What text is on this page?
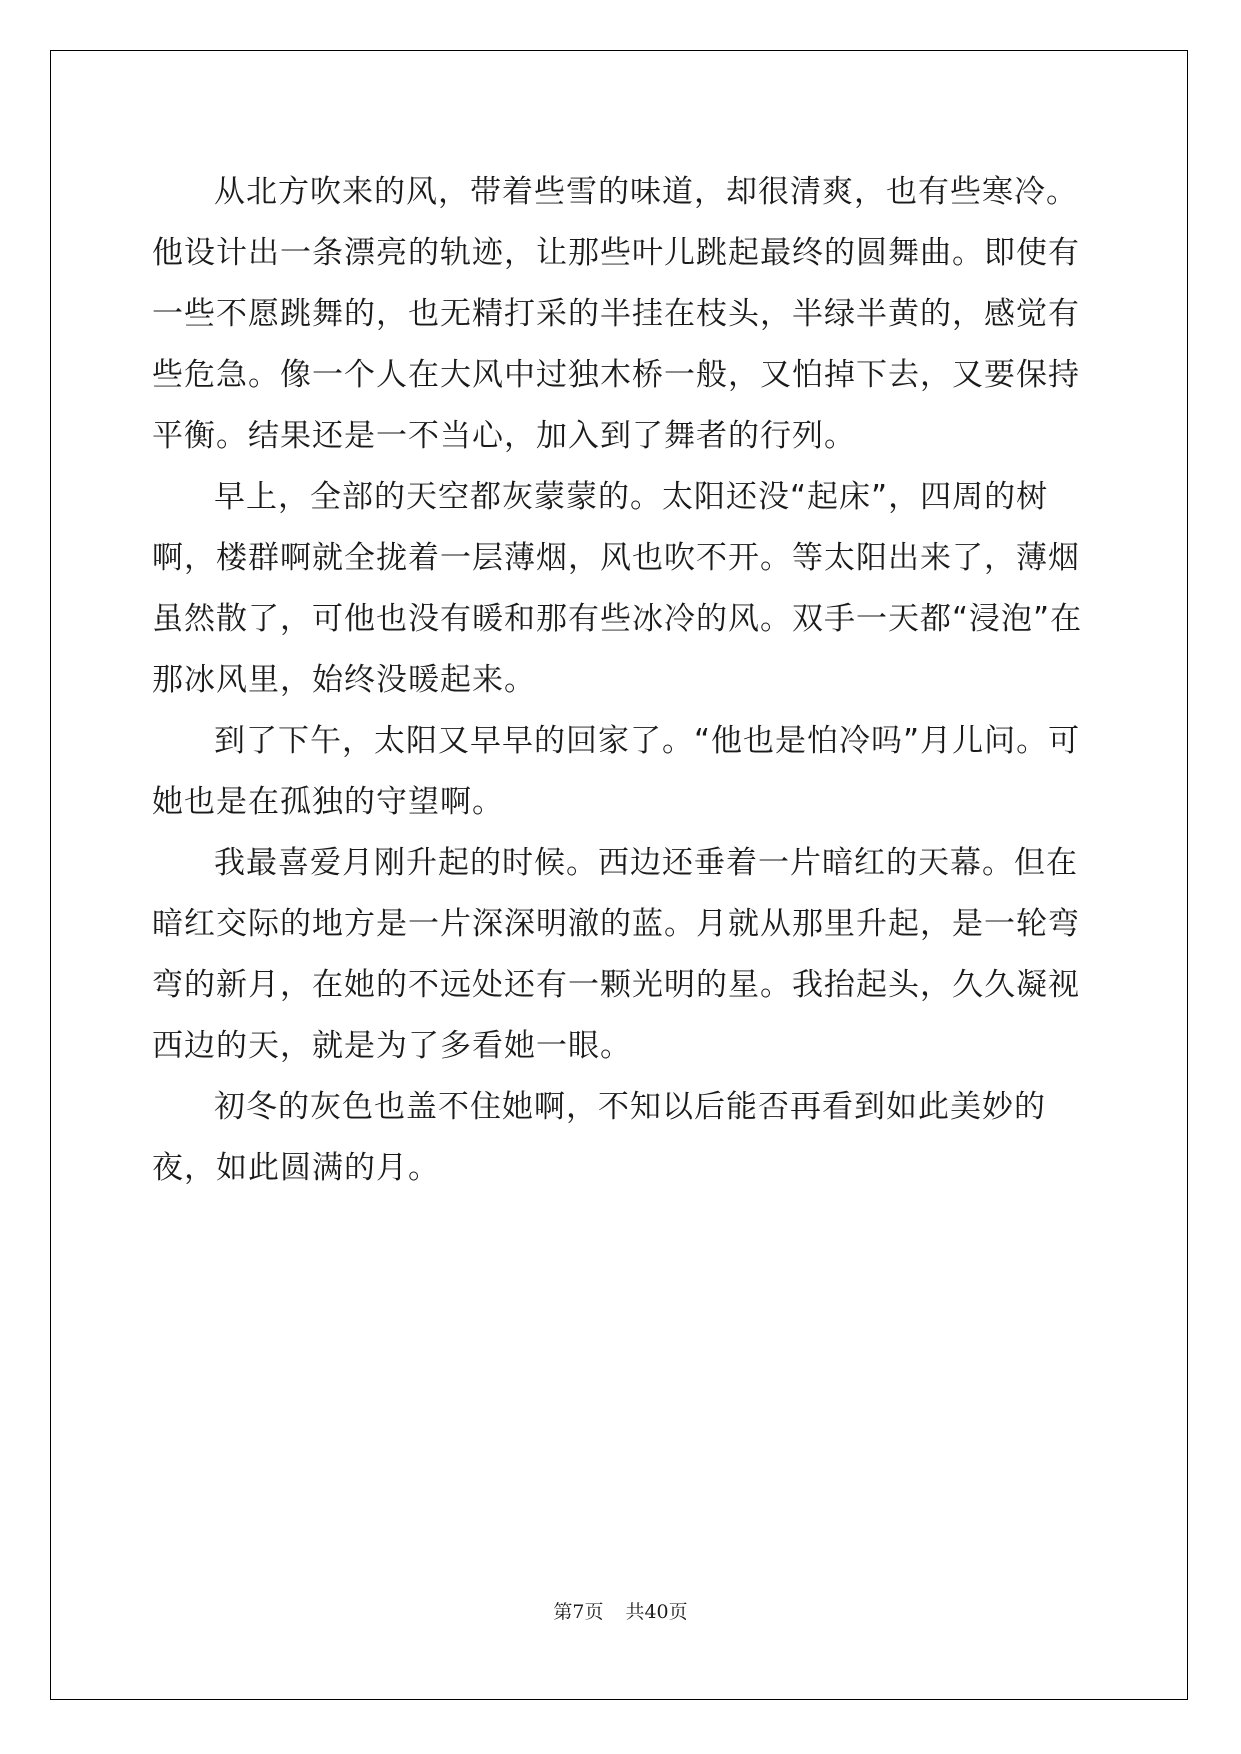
从北方吹来的风，带着些雪的味道，却很清爽，也有些寒冷。他设计出一条漂亮的轨迹，让那些叶儿跳起最终的圆舞曲。即使有一些不愿跳舞的，也无精打采的半挂在枝头，半绿半黄的，感觉有些危急。像一个人在大风中过独木桥一般，又怕掉下去，又要保持平衡。结果还是一不当心，加入到了舞者的行列。

早上，全部的天空都灰蒙蒙的。太阳还没“起床”，四周的树啊，楼群啊就全拢着一层薄烟，风也吹不开。等太阳出来了，薄烟虽然散了，可他也没有暖和那有些冰冷的风。双手一天都“浸泡”在那冰风里，始终没暖起来。

到了下午，太阳又早早的回家了。“他也是怕冷吗”月儿问。可她也是在孤独的守望啊。

我最喜爱月刚升起的时候。西边还垂着一片暗红的天幕。但在暗红交际的地方是一片深深明澈的蓝。月就从那里升起，是一轮弯弯的新月，在她的不远处还有一颗光明的星。我抬起头，久久凝视西边的天，就是为了多看她一眼。

初冬的灰色也盖不住她啊，不知以后能否再看到如此美妙的夜，如此圆满的月。

第7页 共40页
